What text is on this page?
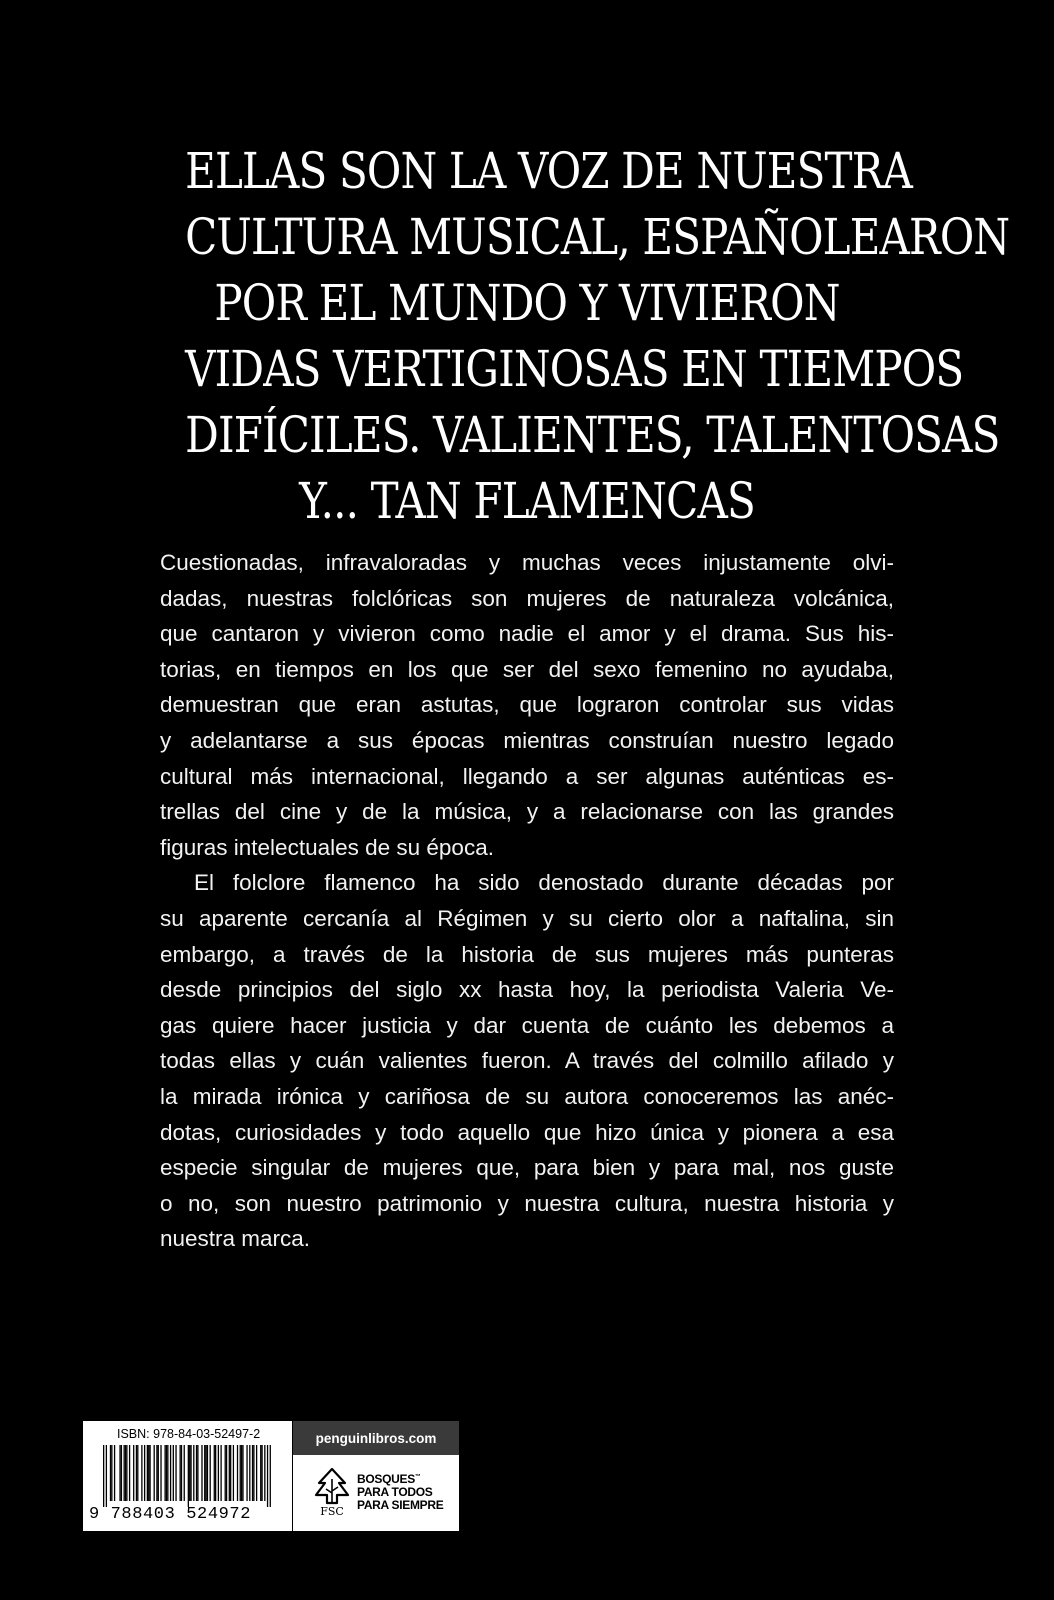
ELLAS SON LA VOZ DE NUESTRA
CULTURA MUSICAL, ESPAÑOLEARON
POR EL MUNDO Y VIVIERON
VIDAS VERTIGINOSAS EN TIEMPOS
DIFÍCILES. VALIENTES, TALENTOSAS
Y... TAN FLAMENCAS
Cuestionadas, infravaloradas y muchas veces injustamente olvi-
dadas, nuestras folclóricas son mujeres de naturaleza volcánica,
que cantaron y vivieron como nadie el amor y el drama. Sus his-
torias, en tiempos en los que ser del sexo femenino no ayudaba,
demuestran que eran astutas, que lograron controlar sus vidas
y adelantarse a sus épocas mientras construían nuestro legado
cultural más internacional, llegando a ser algunas auténticas es-
trellas del cine y de la música, y a relacionarse con las grandes
figuras intelectuales de su época.
El folclore flamenco ha sido denostado durante décadas por
su aparente cercanía al Régimen y su cierto olor a naftalina, sin
embargo, a través de la historia de sus mujeres más punteras
desde principios del siglo xx hasta hoy, la periodista Valeria Ve-
gas quiere hacer justicia y dar cuenta de cuánto les debemos a
todas ellas y cuán valientes fueron. A través del colmillo afilado y
la mirada irónica y cariñosa de su autora conoceremos las anéc-
dotas, curiosidades y todo aquello que hizo única y pionera a esa
especie singular de mujeres que, para bien y para mal, nos guste
o no, son nuestro patrimonio y nuestra cultura, nuestra historia y
nuestra marca.
ISBN: 978-84-03-52497-2
9 788403 524972
penguinlibros.com
FSC
BOSQUES™
PARA TODOS
PARA SIEMPRE
